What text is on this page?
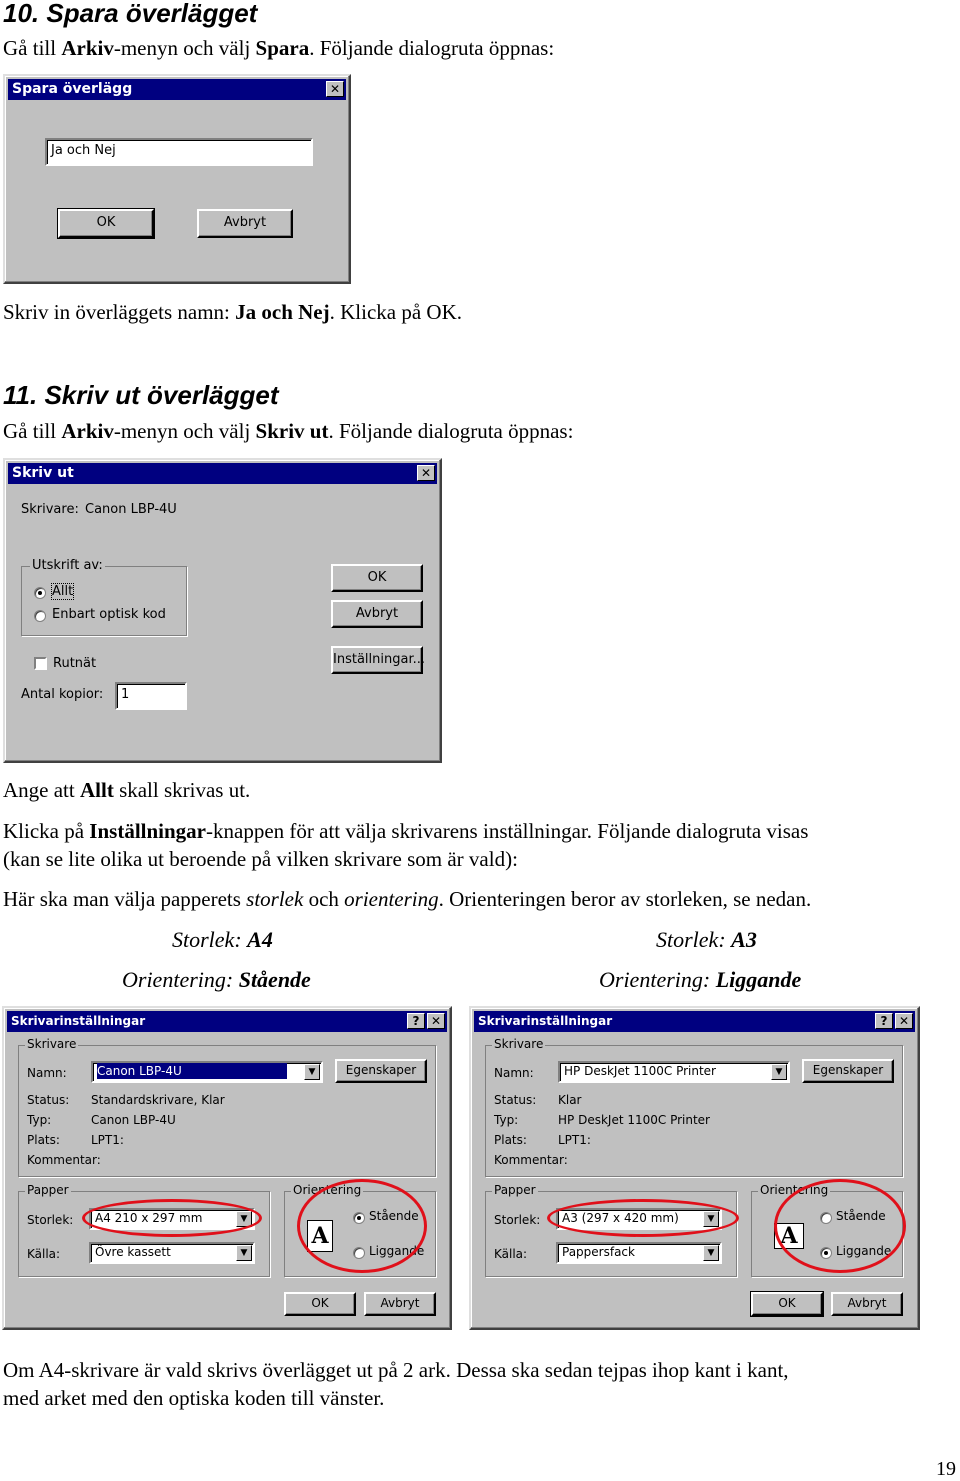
10. Spara överlägget
Gå till Arkiv-menyn och välj Spara. Följande dialogruta öppnas:
Spara överlägg	✕
Ja och Nej
OK	Avbryt
Skriv in överläggets namn: Ja och Nej. Klicka på OK.
11. Skriv ut överlägget
Gå till Arkiv-menyn och välj Skriv ut. Följande dialogruta öppnas:
Skriv ut	✕
Skrivare: Canon LBP-4U
Utskrift av:
Allt
Enbart optisk kod
Rutnät
Antal kopior:	1
OK
Avbryt
Inställningar...
Ange att Allt skall skrivas ut.
Klicka på Inställningar-knappen för att välja skrivarens inställningar. Följande dialogruta visas
(kan se lite olika ut beroende på vilken skrivare som är vald):
Här ska man välja papperets storlek och orientering. Orienteringen beror av storleken, se nedan.
Storlek: A4
Orientering: Stående
Storlek: A3
Orientering: Liggande
Skrivarinställningar	? ✕
Skrivare
Namn:	Canon LBP-4U	▼	Egenskaper
Status: Standardskrivare, Klar
Typ:	Canon LBP-4U
Plats:	LPT1:
Kommentar:
Papper
Storlek:	A4 210 x 297 mm	▼
Källa:	Övre kassett	▼
Orientering
A
Stående
Liggande
OK	Avbryt
Skrivarinställningar	? ✕
Skrivare
Namn:	HP DeskJet 1100C Printer	▼	Egenskaper
Status: Klar
Typ:	HP DeskJet 1100C Printer
Plats:	LPT1:
Kommentar:
Papper
Storlek:	A3 (297 x 420 mm)	▼
Källa:	Pappersfack	▼
Orientering
A
Stående
Liggande
OK	Avbryt
Om A4-skrivare är vald skrivs överlägget ut på 2 ark. Dessa ska sedan tejpas ihop kant i kant,
med arket med den optiska koden till vänster.
19
